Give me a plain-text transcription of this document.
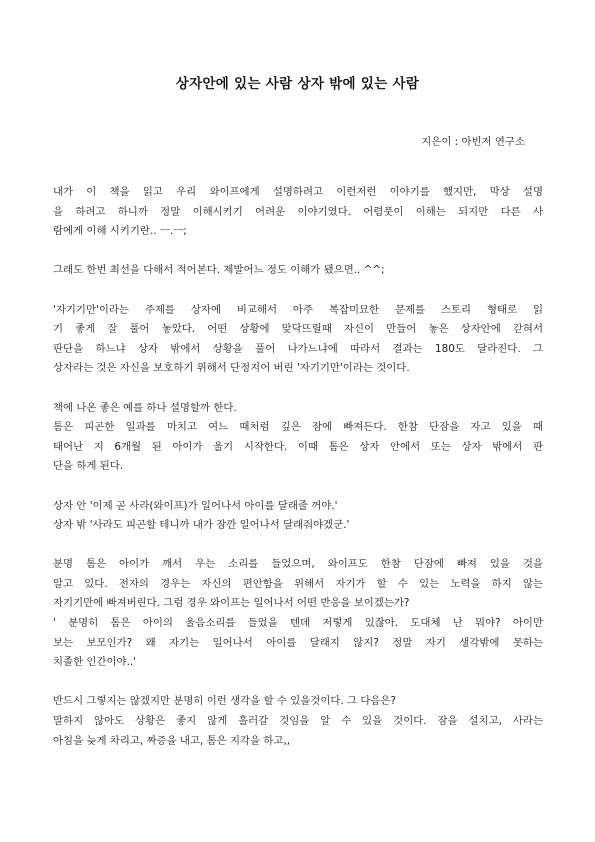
상자안에 있는 사람 상자 밖에 있는 사람
지은이 : 아빈저 연구소
내가 이 책을 읽고 우리 와이프에게 설명하려고 이런저런 이야기를 했지만, 막상 설명
을 하려고 하니까 정말 이해시키기 어려운 이야기였다. 어렴풋이 이해는 되지만 다른 사
람에게 이해 시키기란.. ㅡ.ㅡ;
그래도 한번 최선을 다해서 적어본다. 제발어느 정도 이해가 됐으면.. ^^;
'자기기만'이라는 주제를 상자에 비교해서 아주 복잡미묘한 문제를 스토리 형태로 읽
기 좋게 잘 풀어 놓았다. 어떤 상황에 맞닥뜨릴때 자신이 만들어 놓은 상자안에 갇혀서
판단을 하느냐 상자 밖에서 상황을 풀어 나가느냐에 따라서 결과는 180도 달라진다. 그
상자라는 것은 자신을 보호하기 위해서 단정지어 버린 '자기기만'이라는 것이다.
책에 나온 좋은 예를 하나 설명할까 한다.
톰은 피곤한 일과를 마치고 여느 때처럼 깊은 잠에 빠져든다. 한참 단잠을 자고 있을 때
태어난 지 6개월 된 아이가 울기 시작한다. 이때 톰은 상자 안에서 또는 상자 밖에서 판
단을 하게 된다.
상자 안 '이제 곧 사라(와이프)가 일어나서 아이를 달래줄 꺼야.'
상자 밖 '사라도 피곤할 테니까 내가 잠깐 일어나서 달래줘야겠군.'
분명 톰은 아이가 깨서 우는 소리를 들었으며, 와이프도 한참 단잠에 빠져 있을 것을
알고 있다. 전자의 경우는 자신의 편안함을 위해서 자기가 할 수 있는 노력을 하지 않는
자기기만에 빠져버린다. 그럼 경우 와이프는 일어나서 어떤 반응을 보이겠는가?
' 분명히 톰은 아이의 울음소리를 들었을 텐데 저렇게 있잖아. 도대체 난 뭐야? 아이만
보는 보모인가? 왜 자기는 일어나서 아이를 달래지 않지? 정말 자기 생각밖에 못하는
치졸한 인간이야..'
반드시 그렇지는 않겠지만 분명히 이런 생각을 할 수 있을것이다. 그 다음은?
말하지 않아도 상황은 좋지 않게 흘러갈 것임을 알 수 있을 것이다. 잠을 설치고, 사라는
아침을 늦게 차리고, 짜증을 내고, 톰은 지각을 하고,,
